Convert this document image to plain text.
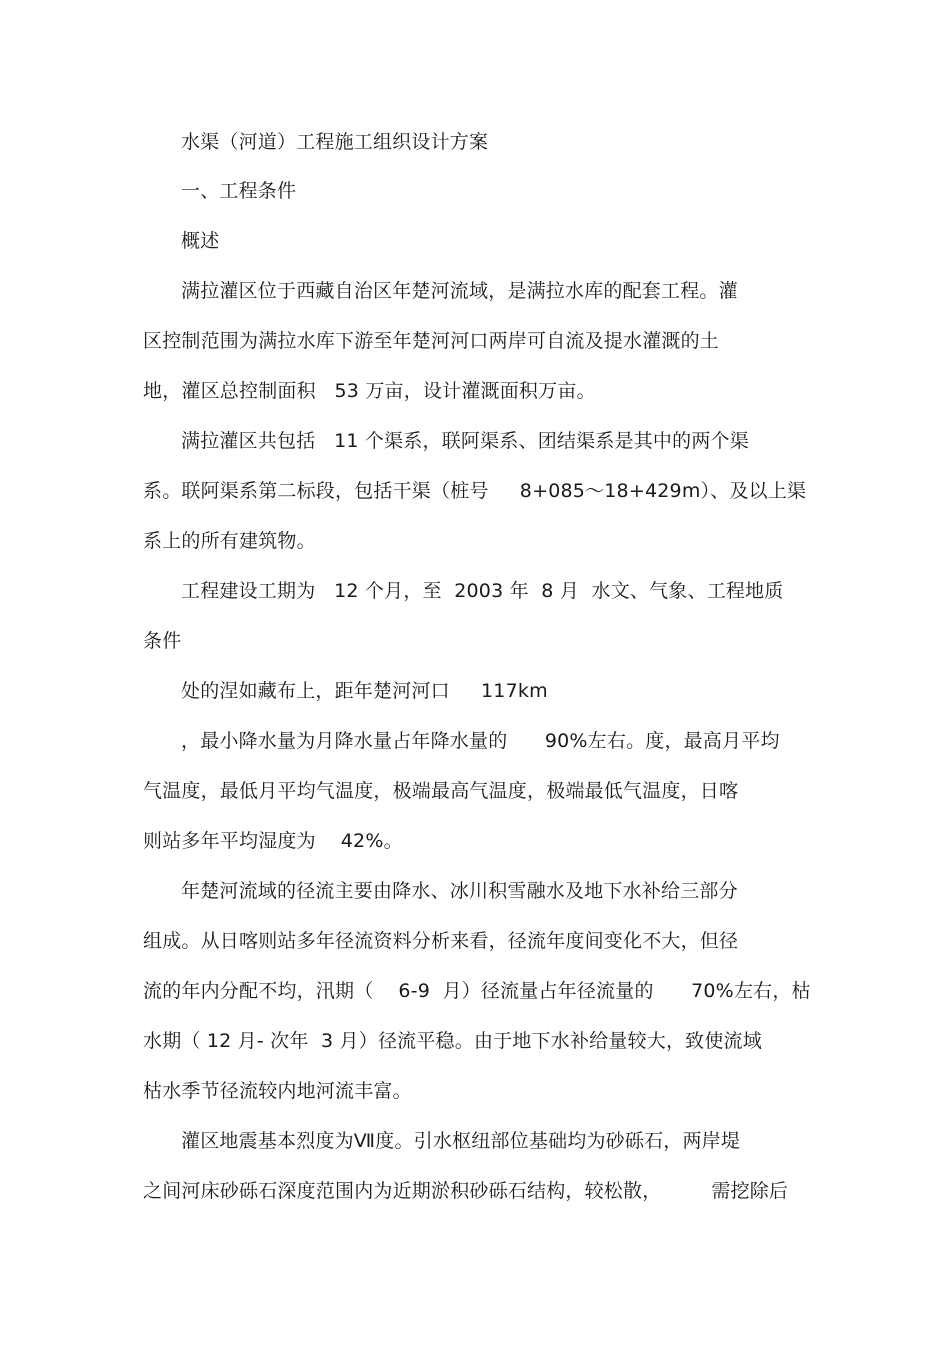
水渠（河道）工程施工组织设计方案
一、工程条件
概述
满拉灌区位于西藏自治区年楚河流域，是满拉水库的配套工程。灌
区控制范围为满拉水库下游至年楚河河口两岸可自流及提水灌溉的土
地，灌区总控制面积   53 万亩，设计灌溉面积万亩。
满拉灌区共包括   11 个渠系，联阿渠系、团结渠系是其中的两个渠
系。联阿渠系第二标段，包括干渠（桩号     8+085～18+429m）、及以上渠
系上的所有建筑物。
工程建设工期为   12 个月，至  2003 年  8 月  水文、气象、工程地质
条件
处的涅如藏布上，距年楚河河口     117km
，最小降水量为月降水量占年降水量的      90%左右。度，最高月平均
气温度，最低月平均气温度，极端最高气温度，极端最低气温度，日喀
则站多年平均湿度为    42%。
年楚河流域的径流主要由降水、冰川积雪融水及地下水补给三部分
组成。从日喀则站多年径流资料分析来看，径流年度间变化不大，但径
流的年内分配不均，汛期（    6-9  月）径流量占年径流量的      70%左右，枯
水期（ 12 月- 次年  3 月）径流平稳。由于地下水补给量较大，致使流域
枯水季节径流较内地河流丰富。
灌区地震基本烈度为Ⅶ度。引水枢纽部位基础均为砂砾石，两岸堤
之间河床砂砾石深度范围内为近期淤积砂砾石结构，较松散，        需挖除后
